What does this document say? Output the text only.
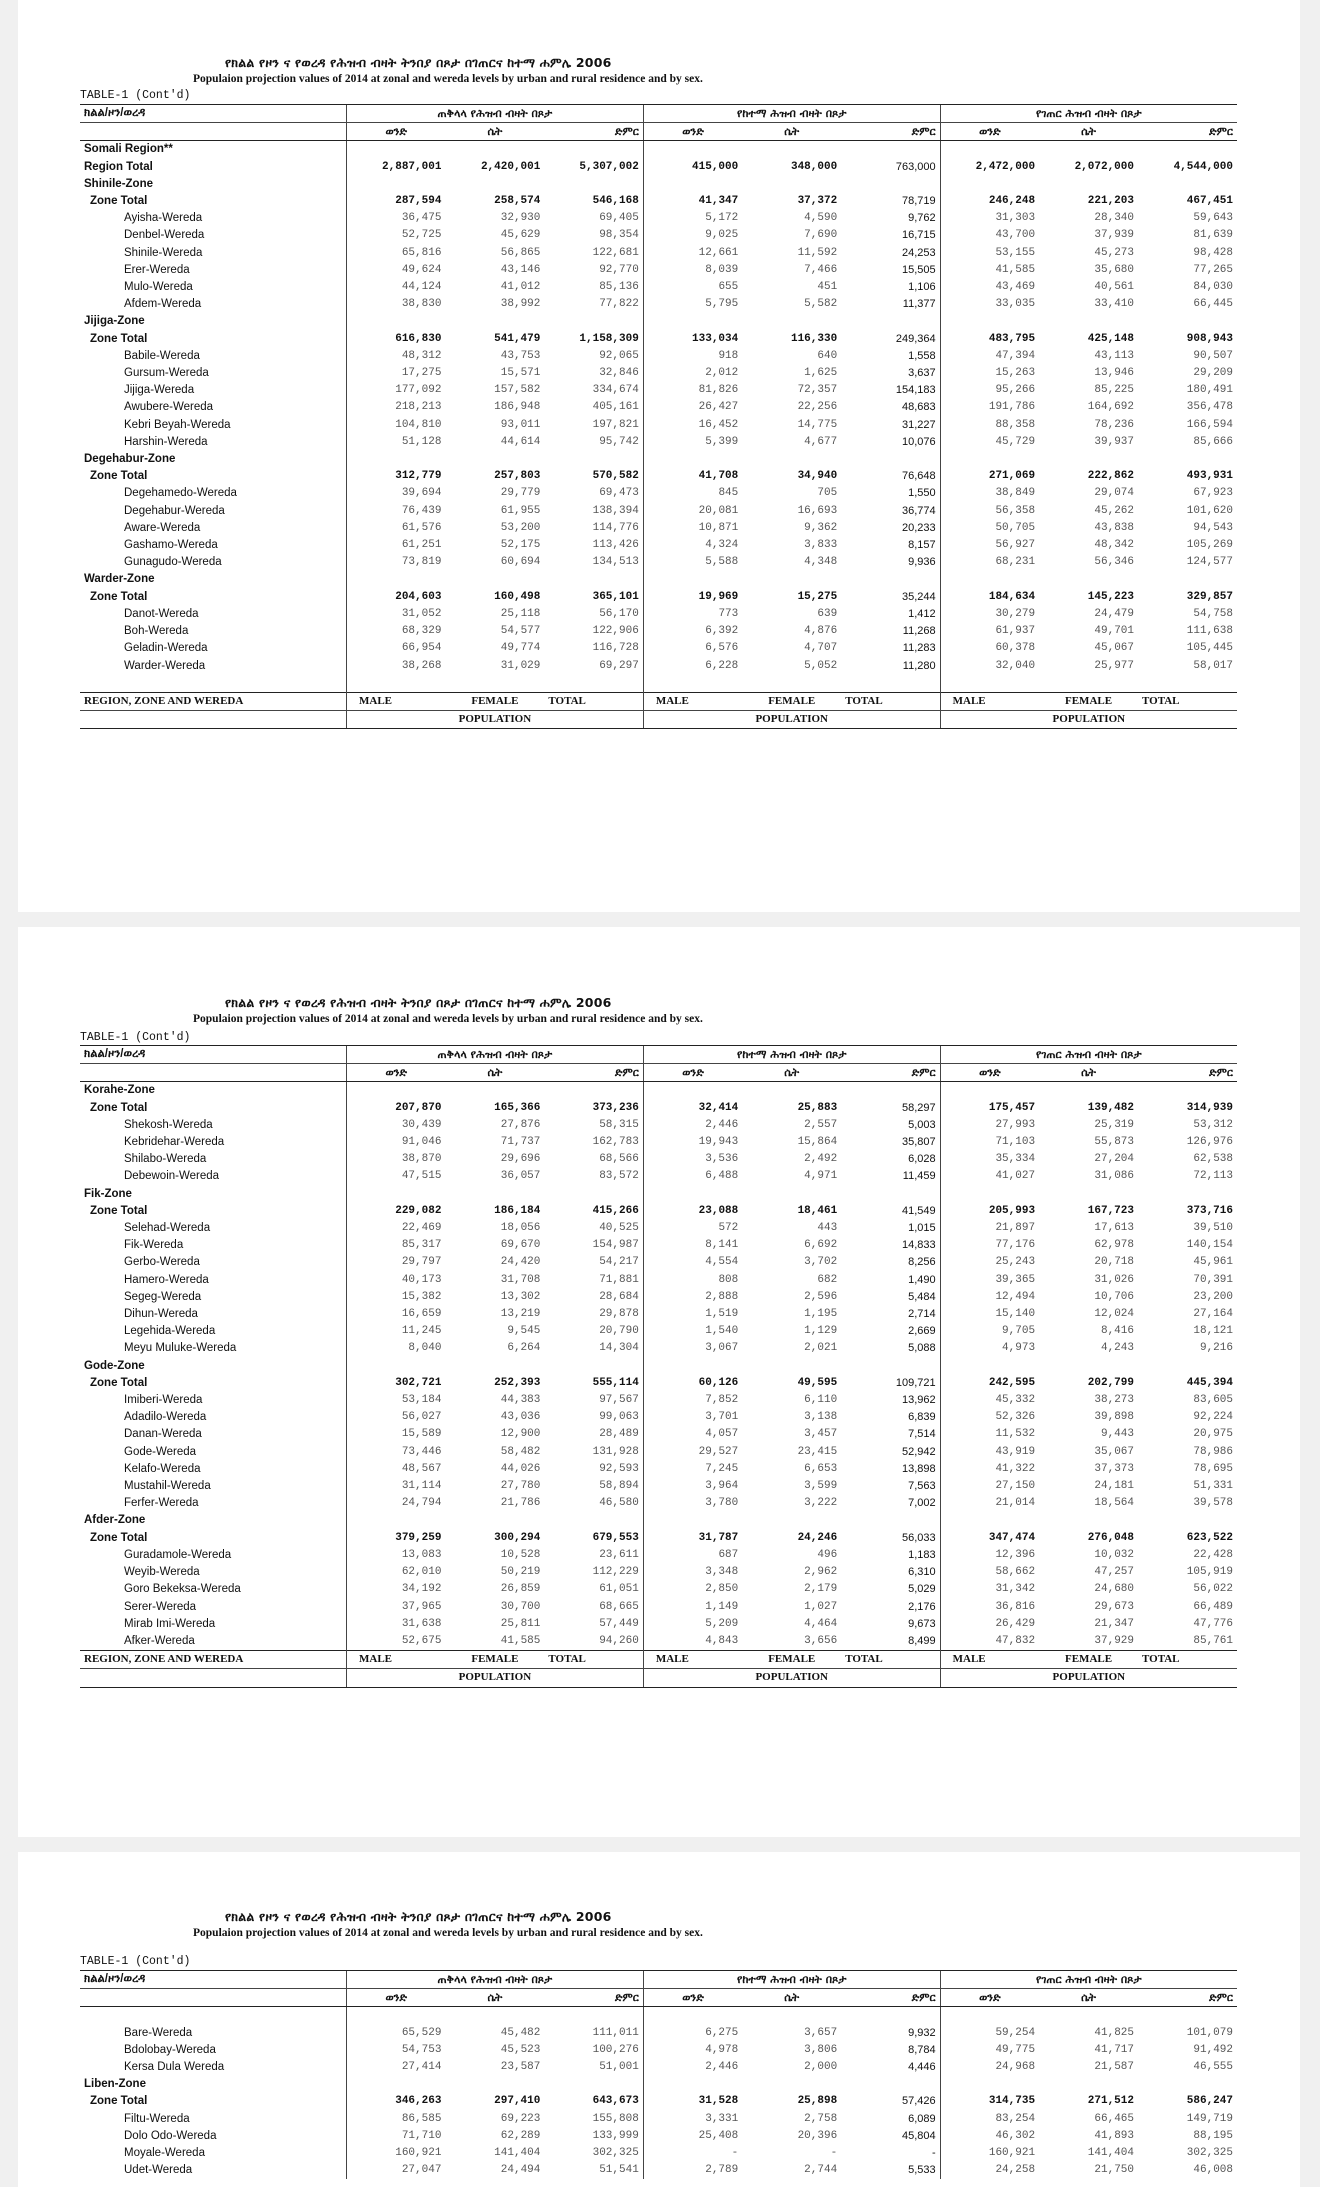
የክልል የዞን ና የወረዳ የሕዝብ ብዛት ትንበያ በጾታ በገጠርና ከተማ ሐምሌ 2006
Populaion projection values of 2014 at zonal and wereda levels by urban and rural residence and by sex.
TABLE-1 (Cont'd)
ክልል/ዞን/ወረዳ	ጠቅላላ የሕዝብ ብዛት በጾታ			የከተማ ሕዝብ ብዛት በጾታ			የገጠር ሕዝብ ብዛት በጾታ		
	ወንድ	ሴት	ድምር	ወንድ	ሴት	ድምር	ወንድ	ሴት	ድምር
Somali Region**									
Region Total	2,887,001	2,420,001	5,307,002	415,000	348,000	763,000	2,472,000	2,072,000	4,544,000
Shinile-Zone									
Zone Total	287,594	258,574	546,168	41,347	37,372	78,719	246,248	221,203	467,451
Ayisha-Wereda	36,475	32,930	69,405	5,172	4,590	9,762	31,303	28,340	59,643
Denbel-Wereda	52,725	45,629	98,354	9,025	7,690	16,715	43,700	37,939	81,639
Shinile-Wereda	65,816	56,865	122,681	12,661	11,592	24,253	53,155	45,273	98,428
Erer-Wereda	49,624	43,146	92,770	8,039	7,466	15,505	41,585	35,680	77,265
Mulo-Wereda	44,124	41,012	85,136	655	451	1,106	43,469	40,561	84,030
Afdem-Wereda	38,830	38,992	77,822	5,795	5,582	11,377	33,035	33,410	66,445
Jijiga-Zone									
Zone Total	616,830	541,479	1,158,309	133,034	116,330	249,364	483,795	425,148	908,943
Babile-Wereda	48,312	43,753	92,065	918	640	1,558	47,394	43,113	90,507
Gursum-Wereda	17,275	15,571	32,846	2,012	1,625	3,637	15,263	13,946	29,209
Jijiga-Wereda	177,092	157,582	334,674	81,826	72,357	154,183	95,266	85,225	180,491
Awubere-Wereda	218,213	186,948	405,161	26,427	22,256	48,683	191,786	164,692	356,478
Kebri Beyah-Wereda	104,810	93,011	197,821	16,452	14,775	31,227	88,358	78,236	166,594
Harshin-Wereda	51,128	44,614	95,742	5,399	4,677	10,076	45,729	39,937	85,666
Degehabur-Zone									
Zone Total	312,779	257,803	570,582	41,708	34,940	76,648	271,069	222,862	493,931
Degehamedo-Wereda	39,694	29,779	69,473	845	705	1,550	38,849	29,074	67,923
Degehabur-Wereda	76,439	61,955	138,394	20,081	16,693	36,774	56,358	45,262	101,620
Aware-Wereda	61,576	53,200	114,776	10,871	9,362	20,233	50,705	43,838	94,543
Gashamo-Wereda	61,251	52,175	113,426	4,324	3,833	8,157	56,927	48,342	105,269
Gunagudo-Wereda	73,819	60,694	134,513	5,588	4,348	9,936	68,231	56,346	124,577
Warder-Zone									
Zone Total	204,603	160,498	365,101	19,969	15,275	35,244	184,634	145,223	329,857
Danot-Wereda	31,052	25,118	56,170	773	639	1,412	30,279	24,479	54,758
Boh-Wereda	68,329	54,577	122,906	6,392	4,876	11,268	61,937	49,701	111,638
Geladin-Wereda	66,954	49,774	116,728	6,576	4,707	11,283	60,378	45,067	105,445
Warder-Wereda	38,268	31,029	69,297	6,228	5,052	11,280	32,040	25,977	58,017

REGION, ZONE AND WEREDA	MALE	FEMALE	TOTAL	MALE	FEMALE	TOTAL	MALE	FEMALE	TOTAL
	POPULATION			POPULATION			POPULATION		
የክልል የዞን ና የወረዳ የሕዝብ ብዛት ትንበያ በጾታ በገጠርና ከተማ ሐምሌ 2006
Populaion projection values of 2014 at zonal and wereda levels by urban and rural residence and by sex.
TABLE-1 (Cont'd)
ክልል/ዞን/ወረዳ	ጠቅላላ የሕዝብ ብዛት በጾታ			የከተማ ሕዝብ ብዛት በጾታ			የገጠር ሕዝብ ብዛት በጾታ		
	ወንድ	ሴት	ድምር	ወንድ	ሴት	ድምር	ወንድ	ሴት	ድምር
Korahe-Zone									
Zone Total	207,870	165,366	373,236	32,414	25,883	58,297	175,457	139,482	314,939
Shekosh-Wereda	30,439	27,876	58,315	2,446	2,557	5,003	27,993	25,319	53,312
Kebridehar-Wereda	91,046	71,737	162,783	19,943	15,864	35,807	71,103	55,873	126,976
Shilabo-Wereda	38,870	29,696	68,566	3,536	2,492	6,028	35,334	27,204	62,538
Debewoin-Wereda	47,515	36,057	83,572	6,488	4,971	11,459	41,027	31,086	72,113
Fik-Zone									
Zone Total	229,082	186,184	415,266	23,088	18,461	41,549	205,993	167,723	373,716
Selehad-Wereda	22,469	18,056	40,525	572	443	1,015	21,897	17,613	39,510
Fik-Wereda	85,317	69,670	154,987	8,141	6,692	14,833	77,176	62,978	140,154
Gerbo-Wereda	29,797	24,420	54,217	4,554	3,702	8,256	25,243	20,718	45,961
Hamero-Wereda	40,173	31,708	71,881	808	682	1,490	39,365	31,026	70,391
Segeg-Wereda	15,382	13,302	28,684	2,888	2,596	5,484	12,494	10,706	23,200
Dihun-Wereda	16,659	13,219	29,878	1,519	1,195	2,714	15,140	12,024	27,164
Legehida-Wereda	11,245	9,545	20,790	1,540	1,129	2,669	9,705	8,416	18,121
Meyu Muluke-Wereda	8,040	6,264	14,304	3,067	2,021	5,088	4,973	4,243	9,216
Gode-Zone									
Zone Total	302,721	252,393	555,114	60,126	49,595	109,721	242,595	202,799	445,394
Imiberi-Wereda	53,184	44,383	97,567	7,852	6,110	13,962	45,332	38,273	83,605
Adadilo-Wereda	56,027	43,036	99,063	3,701	3,138	6,839	52,326	39,898	92,224
Danan-Wereda	15,589	12,900	28,489	4,057	3,457	7,514	11,532	9,443	20,975
Gode-Wereda	73,446	58,482	131,928	29,527	23,415	52,942	43,919	35,067	78,986
Kelafo-Wereda	48,567	44,026	92,593	7,245	6,653	13,898	41,322	37,373	78,695
Mustahil-Wereda	31,114	27,780	58,894	3,964	3,599	7,563	27,150	24,181	51,331
Ferfer-Wereda	24,794	21,786	46,580	3,780	3,222	7,002	21,014	18,564	39,578
Afder-Zone									
Zone Total	379,259	300,294	679,553	31,787	24,246	56,033	347,474	276,048	623,522
Guradamole-Wereda	13,083	10,528	23,611	687	496	1,183	12,396	10,032	22,428
Weyib-Wereda	62,010	50,219	112,229	3,348	2,962	6,310	58,662	47,257	105,919
Goro Bekeksa-Wereda	34,192	26,859	61,051	2,850	2,179	5,029	31,342	24,680	56,022
Serer-Wereda	37,965	30,700	68,665	1,149	1,027	2,176	36,816	29,673	66,489
Mirab Imi-Wereda	31,638	25,811	57,449	5,209	4,464	9,673	26,429	21,347	47,776
Afker-Wereda	52,675	41,585	94,260	4,843	3,656	8,499	47,832	37,929	85,761
REGION, ZONE AND WEREDA	MALE	FEMALE	TOTAL	MALE	FEMALE	TOTAL	MALE	FEMALE	TOTAL
	POPULATION			POPULATION			POPULATION		
የክልል የዞን ና የወረዳ የሕዝብ ብዛት ትንበያ በጾታ በገጠርና ከተማ ሐምሌ 2006
Populaion projection values of 2014 at zonal and wereda levels by urban and rural residence and by sex.
TABLE-1 (Cont'd)
ክልል/ዞን/ወረዳ	ጠቅላላ የሕዝብ ብዛት በጾታ			የከተማ ሕዝብ ብዛት በጾታ			የገጠር ሕዝብ ብዛት በጾታ		
	ወንድ	ሴት	ድምር	ወንድ	ሴት	ድምር	ወንድ	ሴት	ድምር

Bare-Wereda	65,529	45,482	111,011	6,275	3,657	9,932	59,254	41,825	101,079
Bdolobay-Wereda	54,753	45,523	100,276	4,978	3,806	8,784	49,775	41,717	91,492
Kersa Dula Wereda	27,414	23,587	51,001	2,446	2,000	4,446	24,968	21,587	46,555
Liben-Zone									
Zone Total	346,263	297,410	643,673	31,528	25,898	57,426	314,735	271,512	586,247
Filtu-Wereda	86,585	69,223	155,808	3,331	2,758	6,089	83,254	66,465	149,719
Dolo Odo-Wereda	71,710	62,289	133,999	25,408	20,396	45,804	46,302	41,893	88,195
Moyale-Wereda	160,921	141,404	302,325	-	-	-	160,921	141,404	302,325
Udet-Wereda	27,047	24,494	51,541	2,789	2,744	5,533	24,258	21,750	46,008
